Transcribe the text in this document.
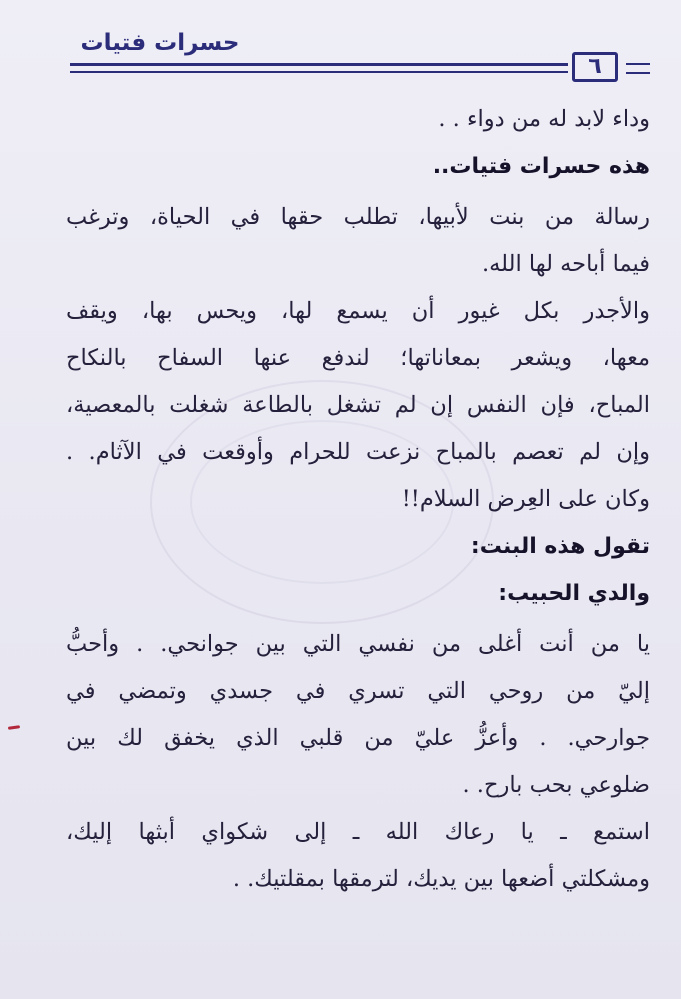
حسرات فتيات
٦
وداء لابد له من دواء . .
هذه حسرات فتيات..
رسالة من بنت لأبيها، تطلب حقها في الحياة، وترغب
فيما أباحه لها الله.
والأجدر بكل غيور أن يسمع لها، ويحس بها، ويقف
معها، ويشعر بمعاناتها؛ لندفع عنها السفاح بالنكاح
المباح، فإن النفس إن لم تشغل بالطاعة شغلت بالمعصية،
وإن لم تعصم بالمباح نزعت للحرام وأوقعت في الآثام. .
وكان على العِرض السلام!!
تقول هذه البنت:
والدي الحبيب:
يا من أنت أغلى من نفسي التي بين جوانحي. . وأحبُّ
إليّ من روحي التي تسري في جسدي وتمضي في
جوارحي. . وأعزُّ عليّ من قلبي الذي يخفق لك بين
ضلوعي بحب بارح. .
استمع ـ يا رعاك الله ـ إلى شكواي أبثها إليك،
ومشكلتي أضعها بين يديك، لترمقها بمقلتيك. .
